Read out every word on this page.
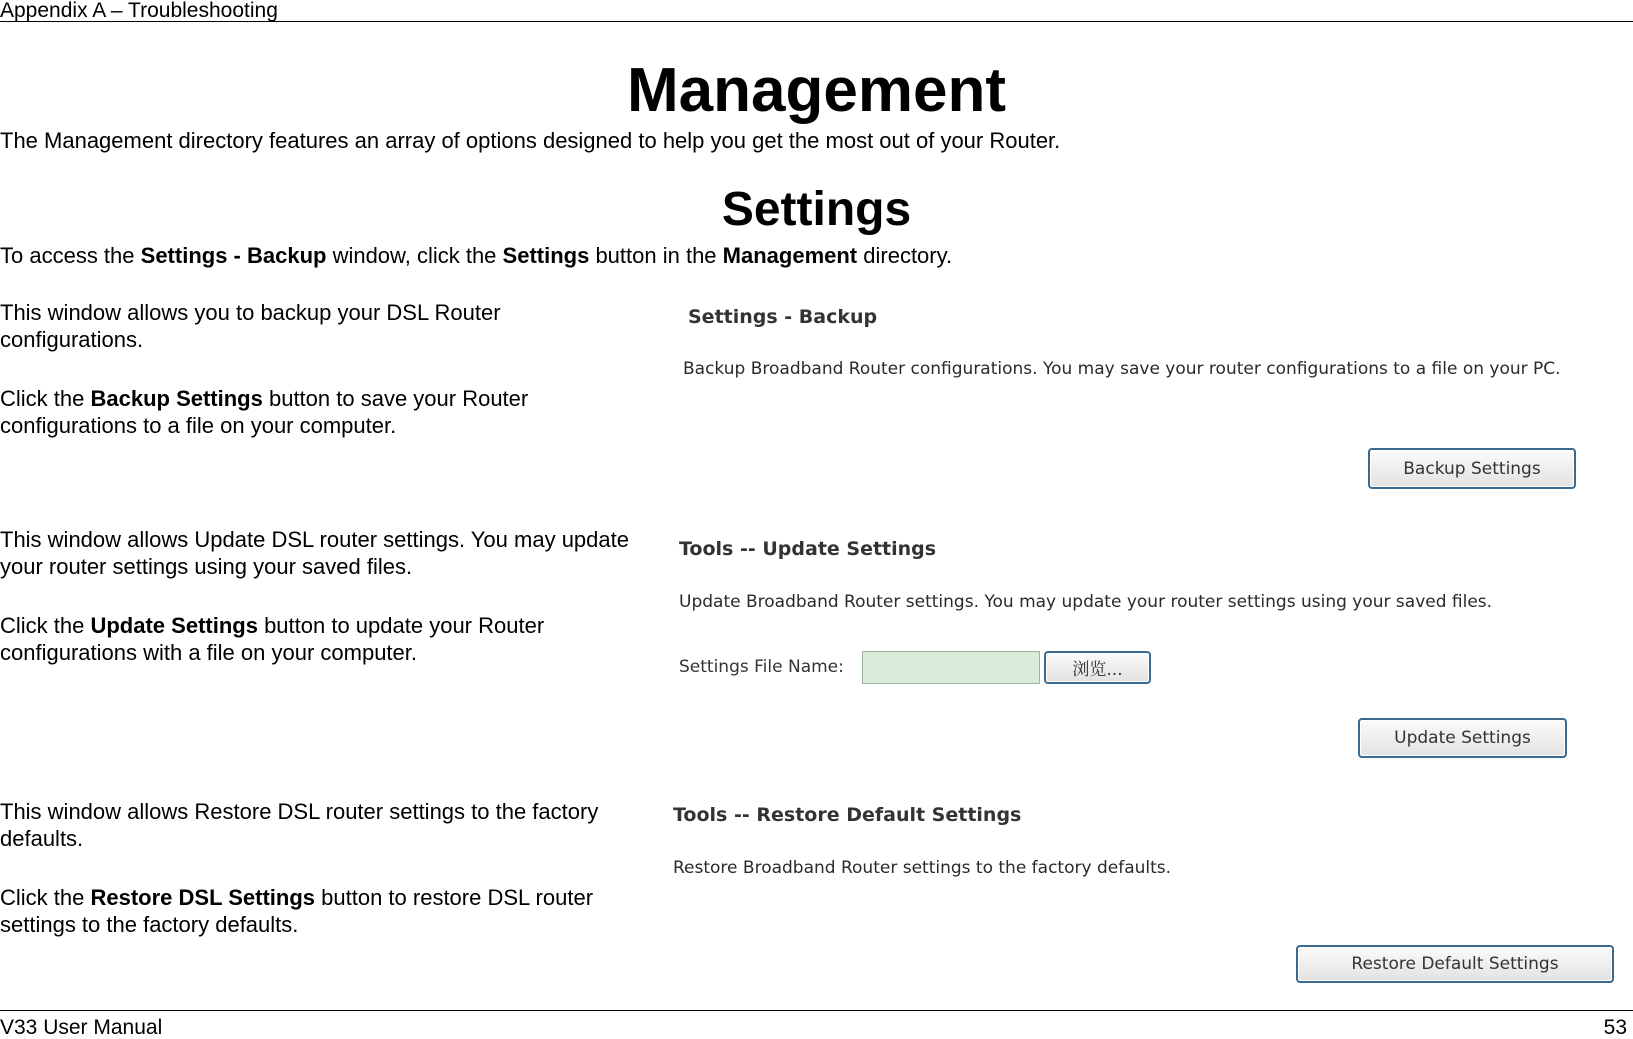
Appendix A – Troubleshooting
Management
The Management directory features an array of options designed to help you get the most out of your Router.
Settings
To access the Settings - Backup window, click the Settings button in the Management directory.
This window allows you to backup your DSL Router configurations.
Click the Backup Settings button to save your Router configurations to a file on your computer.
Settings - Backup
Backup Broadband Router configurations. You may save your router configurations to a file on your PC.
Backup Settings
This window allows Update DSL router settings. You may update your router settings using your saved files.
Click the Update Settings button to update your Router configurations with a file on your computer.
Tools -- Update Settings
Update Broadband Router settings. You may update your router settings using your saved files.
Settings File Name:	浏览...
Update Settings
This window allows Restore DSL router settings to the factory defaults.
Click the Restore DSL Settings button to restore DSL router settings to the factory defaults.
Tools -- Restore Default Settings
Restore Broadband Router settings to the factory defaults.
Restore Default Settings
V33 User Manual	53
